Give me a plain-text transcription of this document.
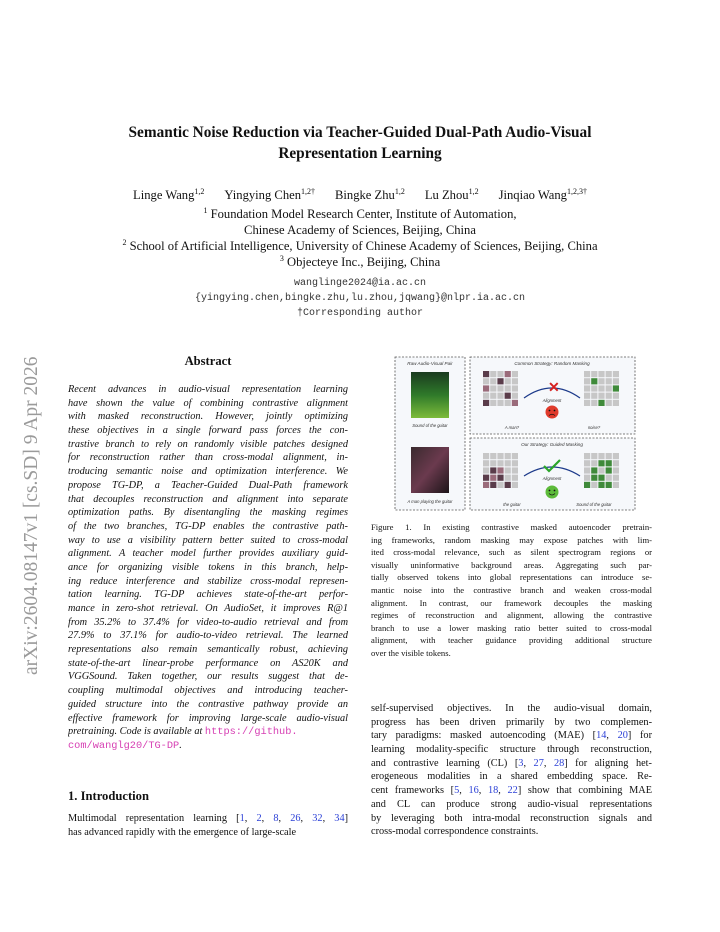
arXiv:2604.08147v1 [cs.SD] 9 Apr 2026
Semantic Noise Reduction via Teacher-Guided Dual-Path Audio-Visual
Representation Learning
Linge Wang$^{1,2}$ Yingying Chen$^{1,2\dagger}$ Bingke Zhu$^{1,2}$ Lu Zhou$^{1,2}$ Jinqiao Wang$^{1,2,3\dagger}$
$^1$ Foundation Model Research Center, Institute of Automation,
Chinese Academy of Sciences, Beijing, China
$^2$ School of Artificial Intelligence, University of Chinese Academy of Sciences, Beijing, China
$^3$ Objecteye Inc., Beijing, China
wanglinge2024@ia.ac.cn
{yingying.chen,bingke.zhu,lu.zhou,jqwang}@nlpr.ia.ac.cn
†Corresponding author
Abstract
Recent advances in audio-visual representation learning
have shown the value of combining contrastive alignment
with masked reconstruction. However, jointly optimizing
these objectives in a single forward pass forces the con-
trastive branch to rely on randomly visible patches designed
for reconstruction rather than cross-modal alignment, in-
troducing semantic noise and optimization interference. We
propose TG-DP, a Teacher-Guided Dual-Path framework
that decouples reconstruction and alignment into separate
optimization paths. By disentangling the masking regimes
of the two branches, TG-DP enables the contrastive path-
way to use a visibility pattern better suited to cross-modal
alignment. A teacher model further provides auxiliary guid-
ance for organizing visible tokens in this branch, help-
ing reduce interference and stabilize cross-modal represen-
tation learning. TG-DP achieves state-of-the-art perfor-
mance in zero-shot retrieval. On AudioSet, it improves R@1
from 35.2% to 37.4% for video-to-audio retrieval and from
27.9% to 37.1% for audio-to-video retrieval. The learned
representations also remain semantically robust, achieving
state-of-the-art linear-probe performance on AS20K and
VGGSound. Taken together, our results suggest that de-
coupling multimodal objectives and introducing teacher-
guided structure into the contrastive pathway provide an
effective framework for improving large-scale audio-visual
pretraining. Code is available at https://github.
com/wanglg20/TG-DP.
1. Introduction
Multimodal representation learning [1, 2, 8, 26, 32, 34]
has advanced rapidly with the emergence of large-scale
self-supervised objectives. In the audio-visual domain,
progress has been driven primarily by two complemen-
tary paradigms: masked autoencoding (MAE) [14, 20] for
learning modality-specific structure through reconstruction,
and contrastive learning (CL) [3, 27, 28] for aligning het-
erogeneous modalities in a shared embedding space. Re-
cent frameworks [5, 16, 18, 22] show that combining MAE
and CL can produce strong audio-visual representations
by leveraging both intra-modal reconstruction signals and
cross-modal correspondence constraints.
Raw Audio-Visual Pair
Sound of the guitar
A man playing the guitar
Common Strategy: Random Masking
✕
Alignment
A man?	noise?
Our Strategy: Guided Masking
Alignment
the guitar	Sound of the guitar
Figure 1. In existing contrastive masked autoencoder pretrain-
ing frameworks, random masking may expose patches with lim-
ited cross-modal relevance, such as silent spectrogram regions or
visually uninformative background areas. Aggregating such par-
tially observed tokens into global representations can introduce se-
mantic noise into the contrastive branch and weaken cross-modal
alignment. In contrast, our framework decouples the masking
regimes of reconstruction and alignment, allowing the contrastive
branch to use a lower masking ratio better suited to cross-modal
alignment, with teacher guidance providing additional structure
over the visible tokens.
